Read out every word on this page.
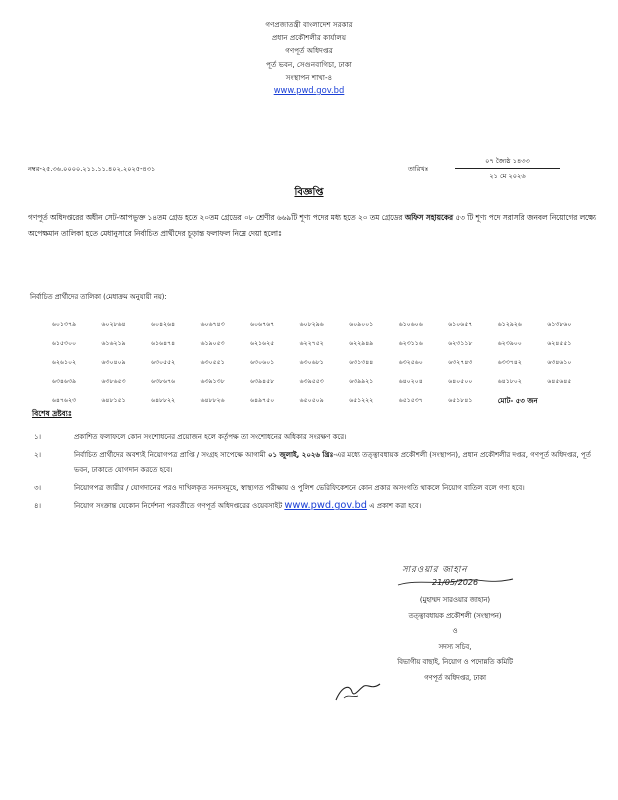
গণপ্রজাতন্ত্রী বাংলাদেশ সরকার
প্রধান প্রকৌশলীর কার্যালয়
গণপূর্ত অধিদপ্তর
পূর্ত ভবন, সেগুনবাগিচা, ঢাকা
সংস্থাপন শাখা-৪
www.pwd.gov.bd
নম্বর-২৫.৩৬.০০০০.২১১.১১.৪০২.২০২৫-৪৩১	তারিখঃ
০৭ জ্যৈষ্ঠ ১৪৩৩
২১ মে ২০২৬
বিজ্ঞপ্তি
গণপূর্ত অধিদপ্তরের অধীন সেট-আপভুক্ত ১৪তম গ্রেড হতে ২০তম গ্রেডের ০৮ শ্রেণীর ৬৬৯টি শূণ্য পদের মধ্য হতে ২০ তম গ্রেডের অফিস সহায়কের ৫৩ টি শূণ্য পদে সরাসরি জনবল নিয়োগের লক্ষ্যে অপেক্ষমান তালিকা হতে মেধানুসারে নির্বাচিত প্রার্থীদের চূড়ান্ত ফলাফল নিম্নে দেয়া হলোঃ
নির্বাচিত প্রার্থীদের তালিকা (মেধাক্রম অনুযায়ী নয়):
৬০১৩৭৯	৬০২৮৬৪	৬০৪২৬৪	৬০৬৭৪৩	৬০৬৭৬৭	৬০৮২৯৬	৬০৯০০১	৬১০৬০৬	৬১০৬৫৭	৬১২৯২৬	৬১৩৮৬০
৬১৫৩০০	৬১৬২১৯	৬১৬৪৭৪	৬১৯০৫৩	৬২১৬২৫	৬২২৭৫২	৬২২৯৪৯	৬২৩১১৬	৬২৩১১৮	৬২৩৯০০	৬২৪৫৫১
৬২৬১০২	৬৩০৪০৯	৬৩০৫৫২	৬৩০৫৫১	৬৩০৬০১	৬৩০৬৮১	৬৩১৩৪৪	৬৩২৫৬০	৬৩২৭৪৩	৬৩৩৭৪২	৬৩৪৬১০
৬৩৪৬৩৯	৬৩৮৬৫৩	৬৩৮৬৭৬	৬৩৯১৩৮	৬৩৯৪৫৮	৬৩৯৫৫৩	৬৩৯৯২১	৬৪০২০৪	৬৪০৫০০	৬৪১৮০২	৬৪৫৬৪৫
৬৪৭৬২৩	৬৪৮১৫১	৬৪৮৮২২	৬৪৮৮২৬	৬৪৯৭৫০	৬৫০৫০৯	৬৫১২২২	৬৫১৫৩৭	৬৫১৮৪১	মোট- ৫৩ জন	
বিশেষ দ্রষ্টব্যঃ
১।	প্রকাশিত ফলাফলে কোন সংশোধনের প্রয়োজন হলে কর্তৃপক্ষ তা সংশোধনের অধিকার সংরক্ষণ করে।
২।	নির্বাচিত প্রার্থীদের অবশ্যই নিয়োগপত্র প্রাপ্তি / সংগ্রহ সাপেক্ষে আগামী ০১ জুলাই, ২০২৬ খ্রিঃ-এর মধ্যে তত্ত্বাবধায়ক প্রকৌশলী (সংস্থাপন), প্রধান প্রকৌশলীর দপ্তর, গণপূর্ত অধিদপ্তর, পূর্ত ভবন, ঢাকাতে যোগদান করতে হবে।
৩।	নিয়োগপত্র জারীর / যোগদানের পরও দাখিলকৃত সনদসমূহে, স্বাস্থ্যগত পরীক্ষায় ও পুলিশ ভেরিফিকেশনে কোন প্রকার অসংগতি থাকলে নিয়োগ বাতিল বলে গণ্য হবে।
৪।	নিয়োগ সংক্রান্ত যেকোন নির্দেশনা পরবর্তীতে গণপূর্ত অধিদপ্তরের ওয়েবসাইট www.pwd.gov.bd এ প্রকাশ করা হবে।
সারওয়ার জাহান
21/05/2026
(মুহাম্মদ সারওয়ার জাহান)
তত্ত্বাবধায়ক প্রকৌশলী (সংস্থাপন)
ও
সদস্য সচিব,
বিভাগীয় বাছাই, নিয়োগ ও পদোন্নতি কমিটি
গণপূর্ত অধিদপ্তর, ঢাকা
